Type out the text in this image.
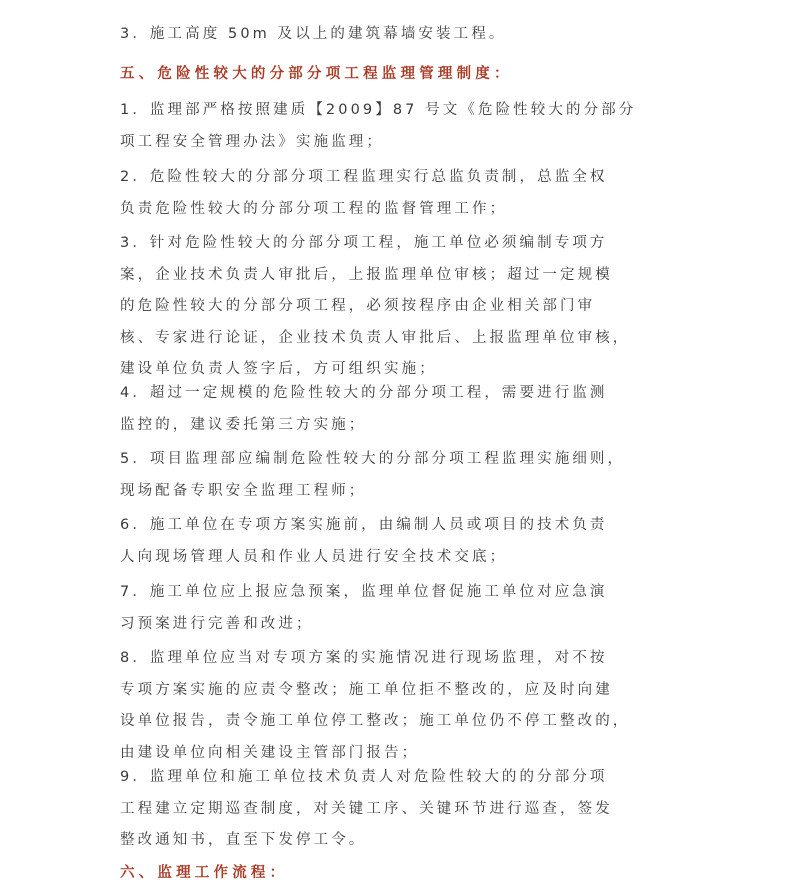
3．施工高度 50m 及以上的建筑幕墙安装工程。
五、危险性较大的分部分项工程监理管理制度：
1．监理部严格按照建质【2009】87 号文《危险性较大的分部分
项工程安全管理办法》实施监理；
2．危险性较大的分部分项工程监理实行总监负责制，总监全权
负责危险性较大的分部分项工程的监督管理工作；
3．针对危险性较大的分部分项工程，施工单位必须编制专项方
案，企业技术负责人审批后，上报监理单位审核；超过一定规模
的危险性较大的分部分项工程，必须按程序由企业相关部门审
核、专家进行论证，企业技术负责人审批后、上报监理单位审核，
建设单位负责人签字后，方可组织实施；
4．超过一定规模的危险性较大的分部分项工程，需要进行监测
监控的，建议委托第三方实施；
5．项目监理部应编制危险性较大的分部分项工程监理实施细则，
现场配备专职安全监理工程师；
6．施工单位在专项方案实施前，由编制人员或项目的技术负责
人向现场管理人员和作业人员进行安全技术交底；
7．施工单位应上报应急预案，监理单位督促施工单位对应急演
习预案进行完善和改进；
8．监理单位应当对专项方案的实施情况进行现场监理，对不按
专项方案实施的应责令整改；施工单位拒不整改的，应及时向建
设单位报告，责令施工单位停工整改；施工单位仍不停工整改的，
由建设单位向相关建设主管部门报告；
9．监理单位和施工单位技术负责人对危险性较大的的分部分项
工程建立定期巡查制度，对关键工序、关键环节进行巡查，签发
整改通知书，直至下发停工令。
六、监理工作流程：
